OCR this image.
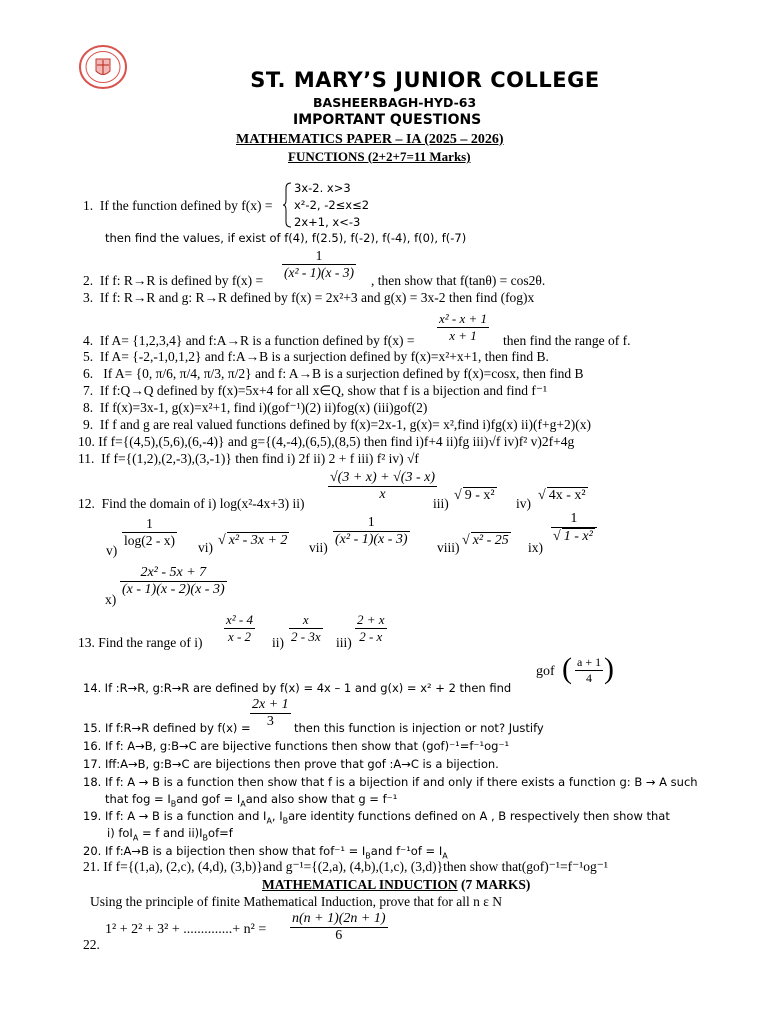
ST. MARY’S JUNIOR COLLEGE
BASHEERBAGH-HYD-63
IMPORTANT QUESTIONS
MATHEMATICS PAPER – IA (2025 – 2026)
FUNCTIONS (2+2+7=11 Marks)
1. If the function defined by f(x) =
3x-2. x>3
x²-2, -2≤x≤2
2x+1, x<-3
then find the values, if exist of f(4), f(2.5), f(-2), f(-4), f(0), f(-7)
2. If f: R→R is defined by $f(x) = \frac{1}{\text{(x² - 1)(x - 3)}}$ , then show that f(tanθ) = cos2θ.
3. If f: R→R and g: R→R defined by f(x) = 2x²+3 and g(x) = 3x-2 then find (fog)x
4. If A= {1,2,3,4} and f:A→R is a function defined by $f(x) = \frac{\text{x² - x + 1}}{x + 1}$ then find the range of f.
5. If A= {-2,-1,0,1,2} and f:A→B is a surjection defined by f(x)=x²+x+1, then find B.
6. If A= {0, π/6, π/4, π/3, π/2} and f: A→B is a surjection defined by f(x)=cosx, then find B
7. If f:Q→Q defined by f(x)=5x+4 for all x∈Q, show that f is a bijection and find f⁻¹
8. If f(x)=3x-1, g(x)=x²+1, find i)(gof⁻¹)(2) ii)fog(x) (iii)gof(2)
9. If f and g are real valued functions defined by f(x)=2x-1, g(x)= x²,find i)fg(x) ii)(f+g+2)(x)
10. If f={(4,5),(5,6),(6,-4)} and g={(4,-4),(6,5),(8,5) then find i)f+4 ii)fg iii)√f iv)f² v)2f+4g
11. If f={(1,2),(2,-3),(3,-1)} then find i) 2f ii) 2 + f iii) f² iv) √f
12. Find the domain of i) log(x²-4x+3) ii)
$\frac{√(3 + x) + √(3 - x)}{x}$
iii)
√ 9 - x²
iv)
√ 4x - x²
v)
$\frac{1}{\log(2 - x)} vi$) √ x² - 3x + 2 $vii) \frac{1}{\text{(x² - 1)(x - 3)}}$ viii) √ x² - 25 ix)
$\frac{1}{\text{√ 1 - x²}}$
x)
$\frac{\text{2x² - 5x + 7}}{(x - 1)(x - 2)(x - 3)}$
13. Find the range of $i) \frac{\text{x² - 4}}{x - 2} ii) \frac{x}{2 - 3x} iii) \frac{2 + x}{2 - x}$
14. If :R→R, g:R→R are defined by f(x) = 4x – 1 and g(x) = x² + 2 then find
gof ( $\frac{a + 1}{4}$ )
15. If f:R→R defined by $f(x) = \frac{2x + 1}{3}$ then this function is injection or not? Justify
16. If f: A→B, g:B→C are bijective functions then show that (gof)⁻¹=f⁻¹og⁻¹
17. Iff:A→B, g:B→C are bijections then prove that gof :A→C is a bijection.
18. If f: A → B is a function then show that f is a bijection if and only if there exists a function g: B → A such
that fog = $I_Band$ gof = $I_Aand$ also show that g = f⁻¹
19. If f: A → B is a function and $I_A$, $I_Bare$ identity functions defined on A , B respectively then show that
i) foI$_A$ = f and $ii)I_Bof=f$
20. If f:A→B is a bijection then show that $fof^{-1} = I_Band$ $f^{-1}of = I_A$
21. If f={(1,a), (2,c), (4,d), (3,b)}and g⁻¹={(2,a), (4,b),(1,c), (3,d)}then show that(gof)⁻¹=f⁻¹og⁻¹
MATHEMATICAL INDUCTION (7 MARKS)
Using the principle of finite Mathematical Induction, prove that for all n ε N
1² + 2² + 3² + ..............+ $n^2 = \frac{n(n + 1)(2n + 1)}{6}$
22.
